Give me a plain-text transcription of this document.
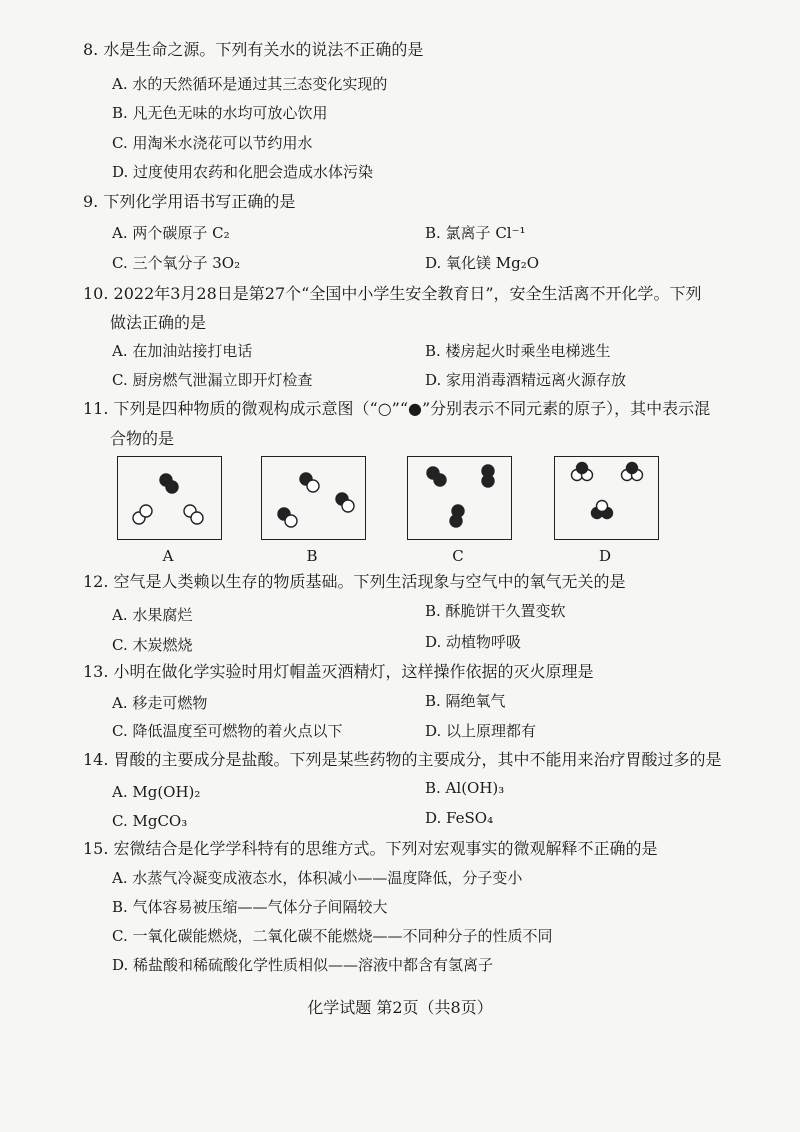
8. 水是生命之源。下列有关水的说法不正确的是
A. 水的天然循环是通过其三态变化实现的
B. 凡无色无味的水均可放心饮用
C. 用淘米水浇花可以节约用水
D. 过度使用农药和化肥会造成水体污染
9. 下列化学用语书写正确的是
A. 两个碳原子 C₂	B. 氯离子 Cl⁻¹
C. 三个氧分子 3O₂	D. 氧化镁 Mg₂O
10. 2022年3月28日是第27个“全国中小学生安全教育日”，安全生活离不开化学。下列
做法正确的是
A. 在加油站接打电话	B. 楼房起火时乘坐电梯逃生
C. 厨房燃气泄漏立即开灯检查	D. 家用消毒酒精远离火源存放
11. 下列是四种物质的微观构成示意图（“○”“●”分别表示不同元素的原子），其中表示混
合物的是
A	B	C	D
12. 空气是人类赖以生存的物质基础。下列生活现象与空气中的氧气无关的是
A. 水果腐烂	B. 酥脆饼干久置变软
C. 木炭燃烧	D. 动植物呼吸
13. 小明在做化学实验时用灯帽盖灭酒精灯，这样操作依据的灭火原理是
A. 移走可燃物	B. 隔绝氧气
C. 降低温度至可燃物的着火点以下	D. 以上原理都有
14. 胃酸的主要成分是盐酸。下列是某些药物的主要成分，其中不能用来治疗胃酸过多的是
A. Mg(OH)₂	B. Al(OH)₃
C. MgCO₃	D. FeSO₄
15. 宏微结合是化学学科特有的思维方式。下列对宏观事实的微观解释不正确的是
A. 水蒸气冷凝变成液态水，体积减小——温度降低，分子变小
B. 气体容易被压缩——气体分子间隔较大
C. 一氧化碳能燃烧，二氧化碳不能燃烧——不同种分子的性质不同
D. 稀盐酸和稀硫酸化学性质相似——溶液中都含有氢离子
化学试题 第2页（共8页）
